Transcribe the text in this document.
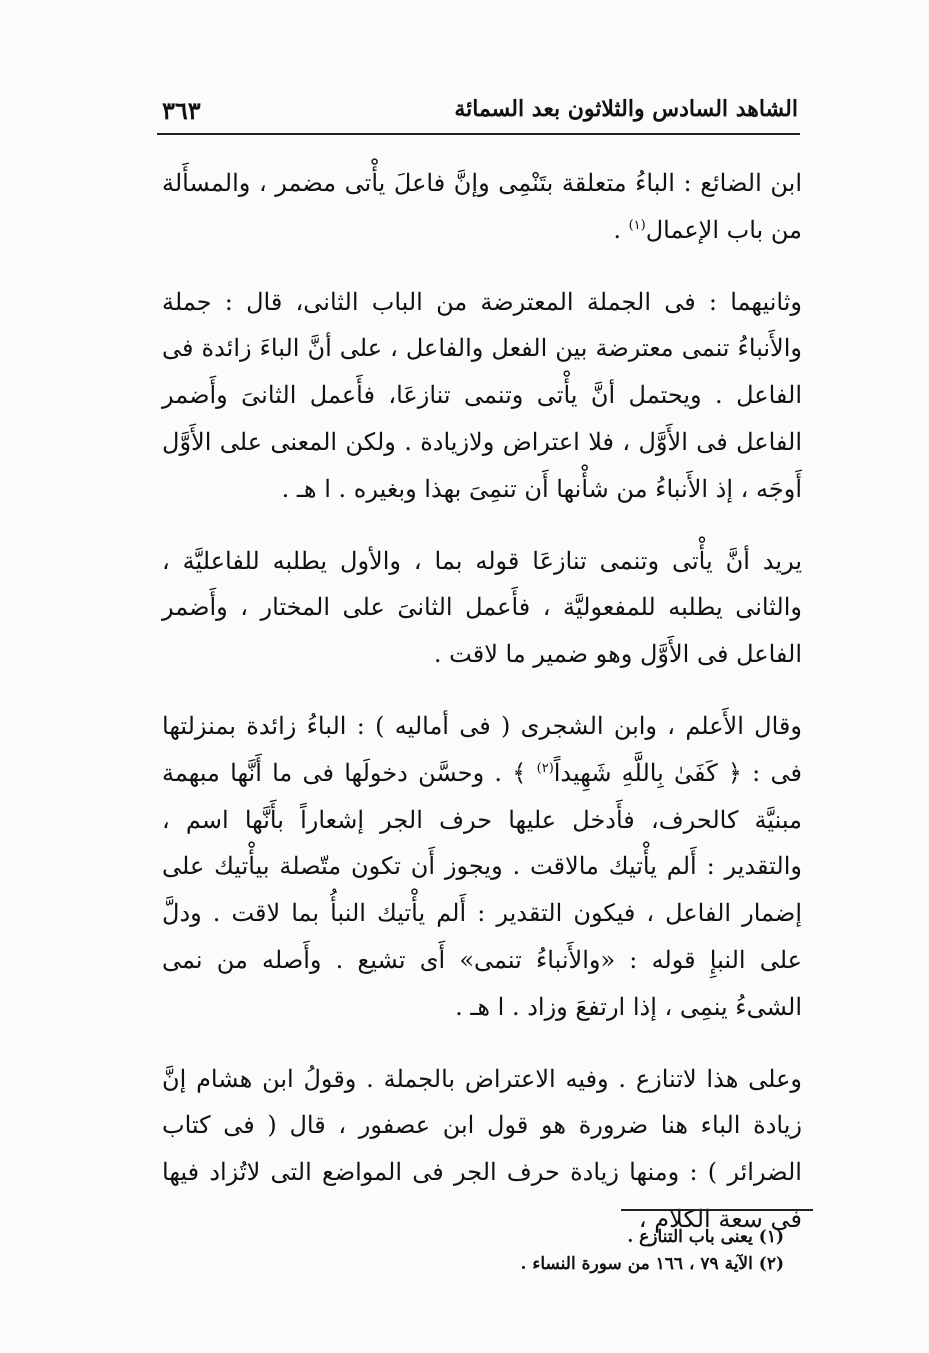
الشاهد السادس والثلاثون بعد السمائة
٣٦٣

ابن الضائع : الباءُ متعلقة بتَنْمِى وإنَّ فاعلَ يأْتى مضمر ، والمسأَلة من باب الإعمال$^{(١)}$ .

وثانيهما : فى الجملة المعترضة من الباب الثانى، قال : جملة والأَنباءُ تنمى معترضة بين الفعل والفاعل ، على أنَّ الباءَ زائدة فى الفاعل . ويحتمل أنَّ يأْتى وتنمى تنازعَا، فأَعمل الثانىَ وأَضمر الفاعل فى الأَوَّل ، فلا اعتراض ولازيادة . ولكن المعنى على الأَوَّل أَوجَه ، إذ الأَنباءُ من شأْنها أَن تنمِىَ بهذا وبغيره . ا هـ .

يريد أنَّ يأْتى وتنمى تنازعَا قوله بما ، والأول يطلبه للفاعليَّة ، والثانى يطلبه للمفعوليَّة ، فأَعمل الثانىَ على المختار ، وأَضمر الفاعل فى الأَوَّل وهو ضمير ما لاقت .

وقال الأَعلم ، وابن الشجرى ( فى أماليه ) : الباءُ زائدة بمنزلتها فى : ﴿ كَفَىٰ بِاللَّهِ شَهِيداً$^{(٢)}$ ﴾ . وحسَّن دخولَها فى ما أَنَّها مبهمة مبنيَّة كالحرف، فأَدخل عليها حرف الجر إشعاراً بأَنَّها اسم ، والتقدير : أَلم يأْتيك مالاقت . ويجوز أَن تكون متّصلة بيأْتيك على إضمار الفاعل ، فيكون التقدير : أَلم يأْتيك النبأُ بما لاقت . ودلَّ على النبإِ قوله : «والأَنباءُ تنمى» أَى تشيع . وأَصله من نمى الشىءُ ينمِى ، إذا ارتفعَ وزاد . ا هـ .

وعلى هذا لاتنازع . وفيه الاعتراض بالجملة . وقولُ ابن هشام إنَّ زيادة الباء هنا ضرورة هو قول ابن عصفور ، قال ( فى كتاب الضرائر ) : ومنها زيادة حرف الجر فى المواضع التى لاتُزاد فيها فى سعة الكلام ،

(١) يعنى باب التنازع .
(٢) الآية ٧٩ ، ١٦٦ من سورة النساء .
